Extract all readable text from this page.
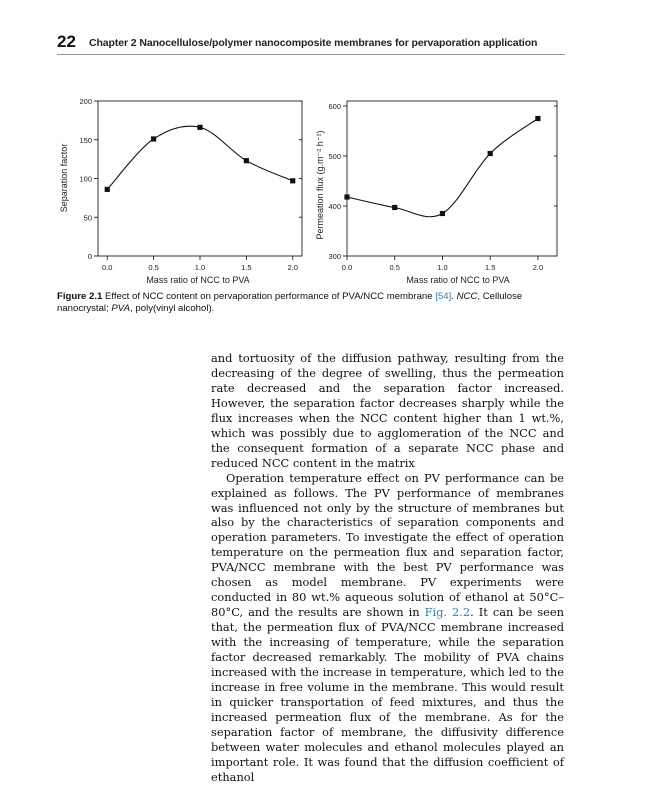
22 Chapter 2 Nanocellulose/polymer nanocomposite membranes for pervaporation application
0
50
100
150
200
0.0	0.5	1.0	1.5	2.0
Separation factor
Mass ratio of NCC to PVA
300
400
500
600
0.0	0.5	1.0	1.5	2.0
Permeation flux (g.m⁻² h⁻¹)
Mass ratio of NCC to PVA
Figure 2.1 Effect of NCC content on pervaporation performance of PVA/NCC membrane [54]. NCC, Cellulose nanocrystal; PVA, poly(vinyl alcohol).

and tortuosity of the diffusion pathway, resulting from the decreasing of the degree of swelling, thus the permeation rate decreased and the separation factor increased. However, the separation factor decreases sharply while the flux increases when the NCC content higher than 1 wt.%, which was possibly due to agglomeration of the NCC and the consequent formation of a separate NCC phase and reduced NCC content in the matrix

Operation temperature effect on PV performance can be explained as follows. The PV performance of membranes was influenced not only by the structure of membranes but also by the characteristics of separation components and operation parameters. To investigate the effect of operation temperature on the permeation flux and separation factor, PVA/NCC membrane with the best PV performance was chosen as model membrane. PV experiments were conducted in 80 wt.% aqueous solution of ethanol at 50°C–80°C, and the results are shown in Fig. 2.2. It can be seen that, the permeation flux of PVA/NCC membrane increased with the increasing of temperature, while the separation factor decreased remarkably. The mobility of PVA chains increased with the increase in temperature, which led to the increase in free volume in the membrane. This would result in quicker transportation of feed mixtures, and thus the increased permeation flux of the membrane. As for the separation factor of membrane, the diffusivity difference between water molecules and ethanol molecules played an important role. It was found that the diffusion coefficient of ethanol
